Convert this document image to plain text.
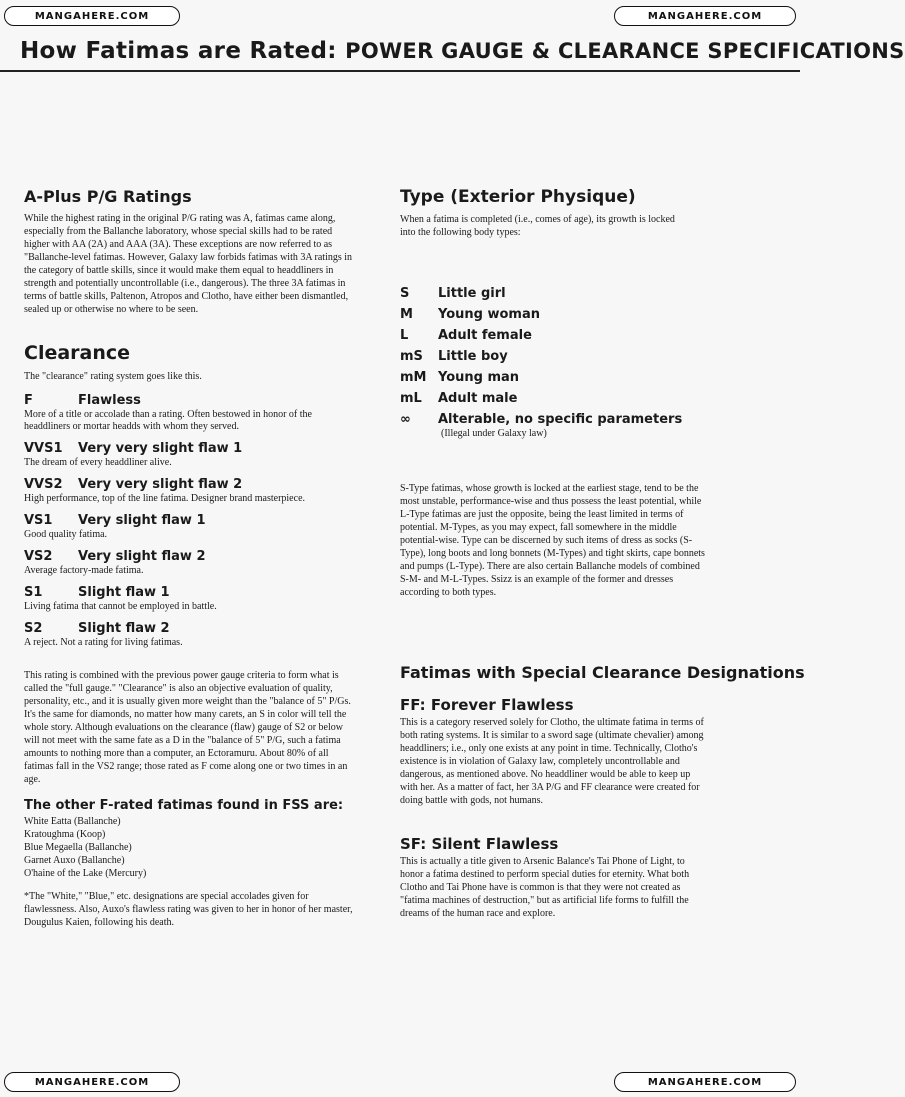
MANGAHERE.COM	MANGAHERE.COM
MANGAHERE.COM	MANGAHERE.COM
How Fatimas are Rated: POWER GAUGE & CLEARANCE SPECIFICATIONS
A-Plus P/G Ratings

While the highest rating in the original P/G rating was A, fatimas came along, especially from the Ballanche laboratory, whose special skills had to be rated higher with AA (2A) and AAA (3A). These exceptions are now referred to as "Ballanche-level fatimas. However, Galaxy law forbids fatimas with 3A ratings in the category of battle skills, since it would make them equal to headdliners in strength and potentially uncontrollable (i.e., dangerous). The three 3A fatimas in terms of battle skills, Paltenon, Atropos and Clotho, have either been dismantled, sealed up or otherwise no where to be seen.

Clearance

The "clearance" rating system goes like this.

F	Flawless
More of a title or accolade than a rating. Often bestowed in honor of the headdliners or mortar headds with whom they served.
VVS1	Very very slight flaw 1
The dream of every headdliner alive.
VVS2	Very very slight flaw 2
High performance, top of the line fatima. Designer brand masterpiece.
VS1	Very slight flaw 1
Good quality fatima.
VS2	Very slight flaw 2
Average factory-made fatima.
S1	Slight flaw 1
Living fatima that cannot be employed in battle.
S2	Slight flaw 2
A reject. Not a rating for living fatimas.

This rating is combined with the previous power gauge criteria to form what is called the "full gauge." "Clearance" is also an objective evaluation of quality, personality, etc., and it is usually given more weight than the "balance of 5" P/Gs. It's the same for diamonds, no matter how many carets, an S in color will tell the whole story. Although evaluations on the clearance (flaw) gauge of S2 or below will not meet with the same fate as a D in the "balance of 5" P/G, such a fatima amounts to nothing more than a computer, an Ectoramuru. About 80% of all fatimas fall in the VS2 range; those rated as F come along one or two times in an age.

The other F-rated fatimas found in FSS are:
White Eatta (Ballanche)
Kratoughma (Koop)
Blue Megaella (Ballanche)
Garnet Auxo (Ballanche)
O'haine of the Lake (Mercury)

*The "White," "Blue," etc. designations are special accolades given for flawlessness. Also, Auxo's flawless rating was given to her in honor of her master, Dougulus Kaien, following his death.

Type (Exterior Physique)

When a fatima is completed (i.e., comes of age), its growth is locked into the following body types:

S	Little girl
M	Young woman
L	Adult female
mS	Little boy
mM Young man
mL	Adult male
∞	Alterable, no specific parameters
(Illegal under Galaxy law)

S-Type fatimas, whose growth is locked at the earliest stage, tend to be the most unstable, performance-wise and thus possess the least potential, while L-Type fatimas are just the opposite, being the least limited in terms of potential. M-Types, as you may expect, fall somewhere in the middle potential-wise. Type can be discerned by such items of dress as socks (S-Type), long boots and long bonnets (M-Types) and tight skirts, cape bonnets and pumps (L-Type). There are also certain Ballanche models of combined S-M- and M-L-Types. Ssizz is an example of the former and dresses according to both types.

Fatimas with Special Clearance Designations
FF: Forever Flawless

This is a category reserved solely for Clotho, the ultimate fatima in terms of both rating systems. It is similar to a sword sage (ultimate chevalier) among headdliners; i.e., only one exists at any point in time. Technically, Clotho's existence is in violation of Galaxy law, completely uncontrollable and dangerous, as mentioned above. No headdliner would be able to keep up with her. As a matter of fact, her 3A P/G and FF clearance were created for doing battle with gods, not humans.

SF: Silent Flawless

This is actually a title given to Arsenic Balance's Tai Phone of Light, to honor a fatima destined to perform special duties for eternity. What both Clotho and Tai Phone have is common is that they were not created as "fatima machines of destruction," but as artificial life forms to fulfill the dreams of the human race and explore.
